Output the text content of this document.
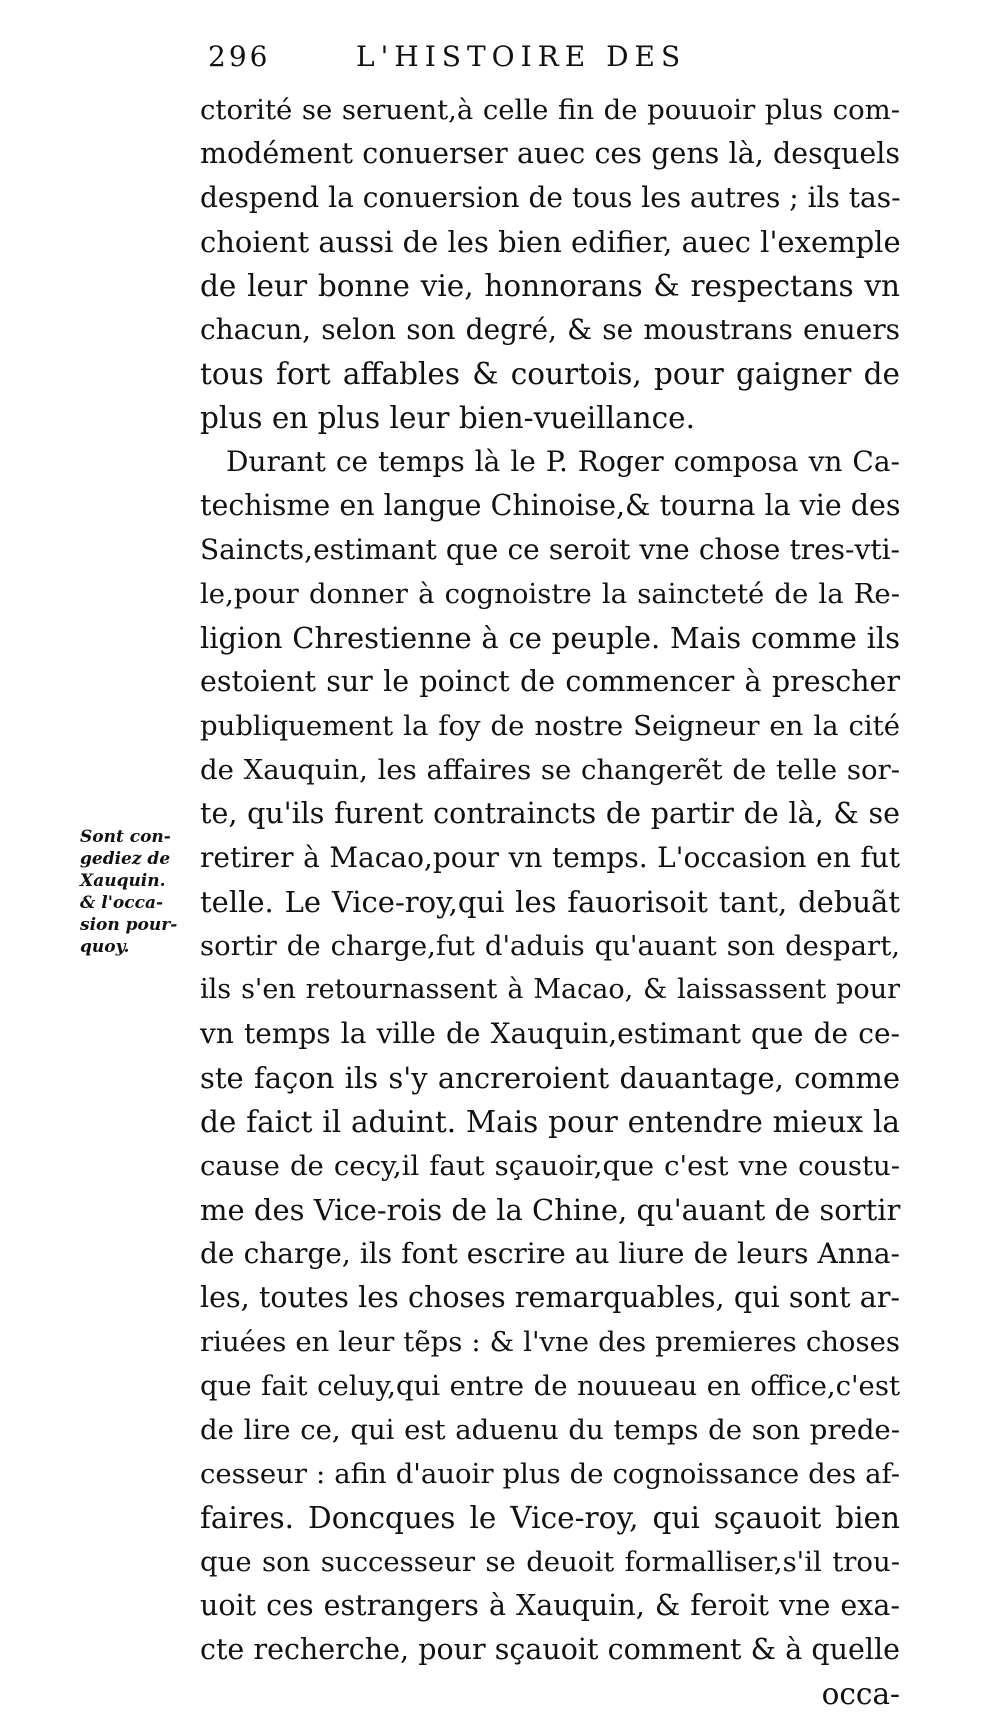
296	L'HISTOIRE DES
ctorité se seruent,à celle fin de pouuoir plus com-
modément conuerser auec ces gens là, desquels
despend la conuersion de tous les autres ; ils tas-
choient aussi de les bien edifier, auec l'exemple
de leur bonne vie, honnorans & respectans vn
chacun, selon son degré, & se moustrans enuers
tous fort affables & courtois, pour gaigner de
plus en plus leur bien-vueillance.
Durant ce temps là le P. Roger composa vn Ca-
techisme en langue Chinoise,& tourna la vie des
Saincts,estimant que ce seroit vne chose tres-vti-
le,pour donner à cognoistre la saincteté de la Re-
ligion Chrestienne à ce peuple. Mais comme ils
estoient sur le poinct de commencer à prescher
publiquement la foy de nostre Seigneur en la cité
de Xauquin, les affaires se changerẽt de telle sor-
te, qu'ils furent contraincts de partir de là, & se
retirer à Macao,pour vn temps. L'occasion en fut
telle. Le Vice-roy,qui les fauorisoit tant, debuãt
sortir de charge,fut d'aduis qu'auant son despart,
ils s'en retournassent à Macao, & laissassent pour
vn temps la ville de Xauquin,estimant que de ce-
ste façon ils s'y ancreroient dauantage, comme
de faict il aduint. Mais pour entendre mieux la
cause de cecy,il faut sçauoir,que c'est vne coustu-
me des Vice-rois de la Chine, qu'auant de sortir
de charge, ils font escrire au liure de leurs Anna-
les, toutes les choses remarquables, qui sont ar-
riuées en leur tẽps : & l'vne des premieres choses
que fait celuy,qui entre de nouueau en office,c'est
de lire ce, qui est aduenu du temps de son prede-
cesseur : afin d'auoir plus de cognoissance des af-
faires. Doncques le Vice-roy, qui sçauoit bien
que son successeur se deuoit formalliser,s'il trou-
uoit ces estrangers à Xauquin, & feroit vne exa-
cte recherche, pour sçauoit comment & à quelle
occa-
Sont con-
gediez de
Xauquin.
& l'occa-
sion pour-
quoy.
